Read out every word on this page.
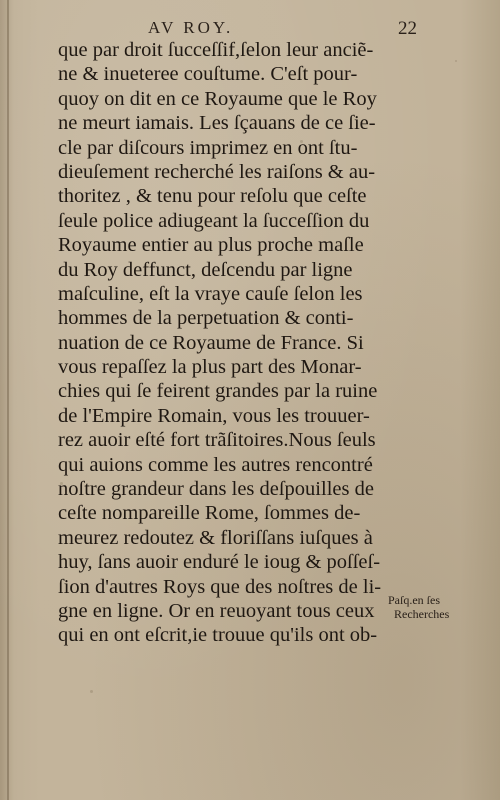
AV ROY.	22
que par droit ſucceſſif,ſelon leur anciẽ-
ne & inueteree couſtume. C'eſt pour-
quoy on dit en ce Royaume que le Roy
ne meurt iamais. Les ſçauans de ce ſie-
cle par diſcours imprimez en ont ſtu-
dieuſement recherché les raiſons & au-
thoritez , & tenu pour reſolu que ceſte
ſeule police adiugeant la ſucceſſion du
Royaume entier au plus proche maſle
du Roy deffunct, deſcendu par ligne
maſculine, eſt la vraye cauſe ſelon les
hommes de la perpetuation & conti-
nuation de ce Royaume de France. Si
vous repaſſez la plus part des Monar-
chies qui ſe feirent grandes par la ruine
de l'Empire Romain, vous les trouuer-
rez auoir eſté fort trãſitoires.Nous ſeuls
qui auions comme les autres rencontré
noſtre grandeur dans les deſpouilles de
ceſte nompareille Rome, ſommes de-
meurez redoutez & floriſſans iuſques à
huy, ſans auoir enduré le ioug & poſſeſ-
ſion d'autres Roys que des noſtres de li-
gne en ligne. Or en reuoyant tous ceux
qui en ont eſcrit,ie trouue qu'ils ont ob-
Paſq.en ſes
Recherches
